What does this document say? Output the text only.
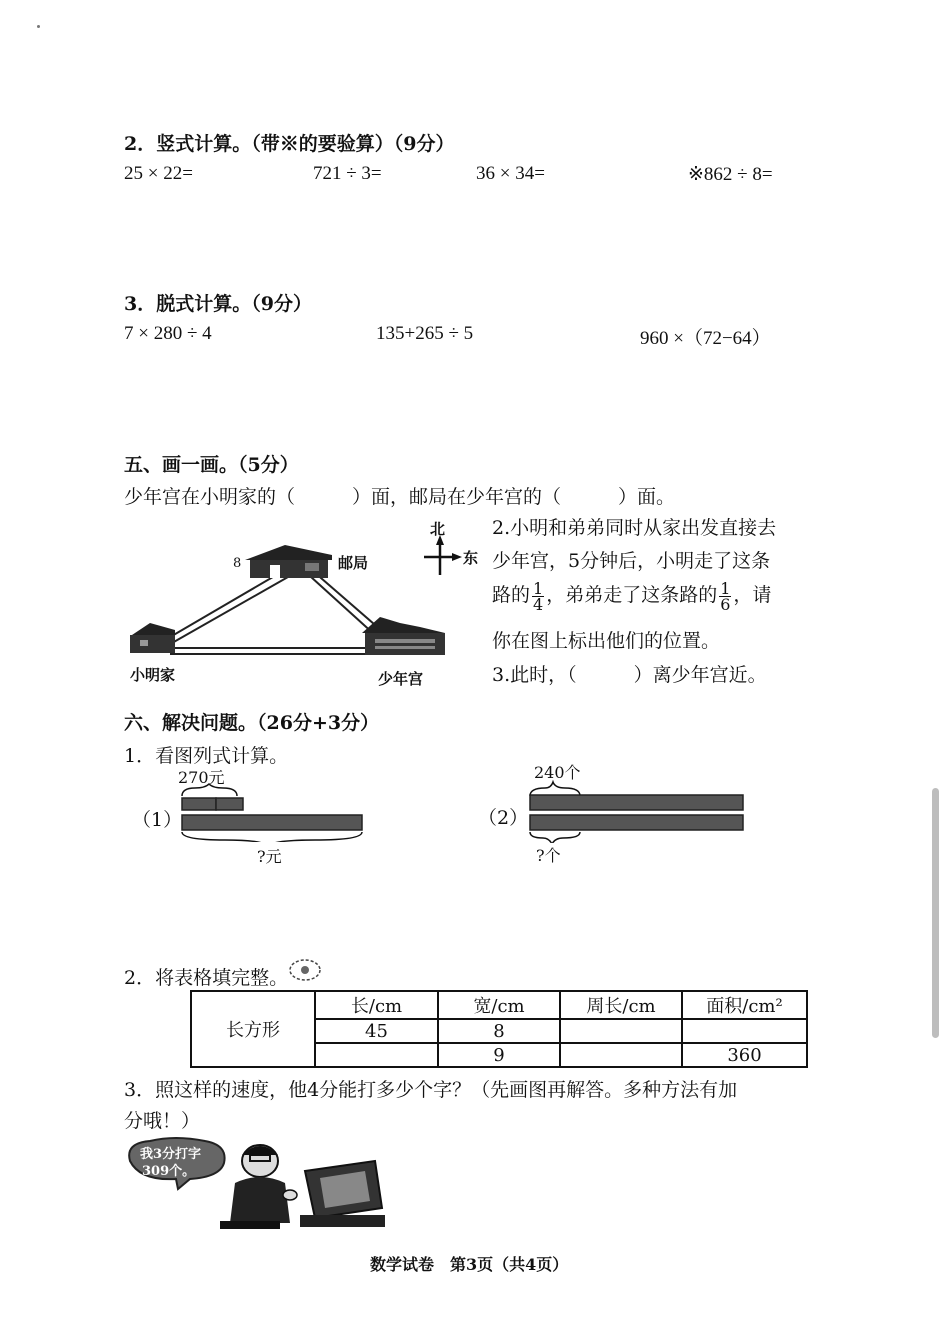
2．竖式计算。（带※的要验算）（9分）
25 × 22=	721 ÷ 3=	36 × 34=	※862 ÷ 8=
3．脱式计算。（9分）
7 × 280 ÷ 4	135+265 ÷ 5	960 ×（72−64）
五、画一画。（5分）
少年宫在小明家的（　　　）面，邮局在少年宫的（　　　）面。
北
东
邮局
小明家	少年宫
8
2.小明和弟弟同时从家出发直接去
少年宫，5分钟后，小明走了这条
路的 $\frac{1}{4}$ ，弟弟走了这条路的 $\frac{1}{6}$ ，请
你在图上标出他们的位置。
3.此时，（　　　）离少年宫近。
六、解决问题。（26分+3分）
1．看图列式计算。
270元
（1）
?元
240个
（2）
?个
2．将表格填完整。
长方形	长/cm	宽/cm	周长/cm	面积/cm²
	45	8		
		9		360
3．照这样的速度，他4分能打多少个字？（先画图再解答。多种方法有加
分哦！）
我3分打字
309个。
数学试卷　第3页（共4页）
